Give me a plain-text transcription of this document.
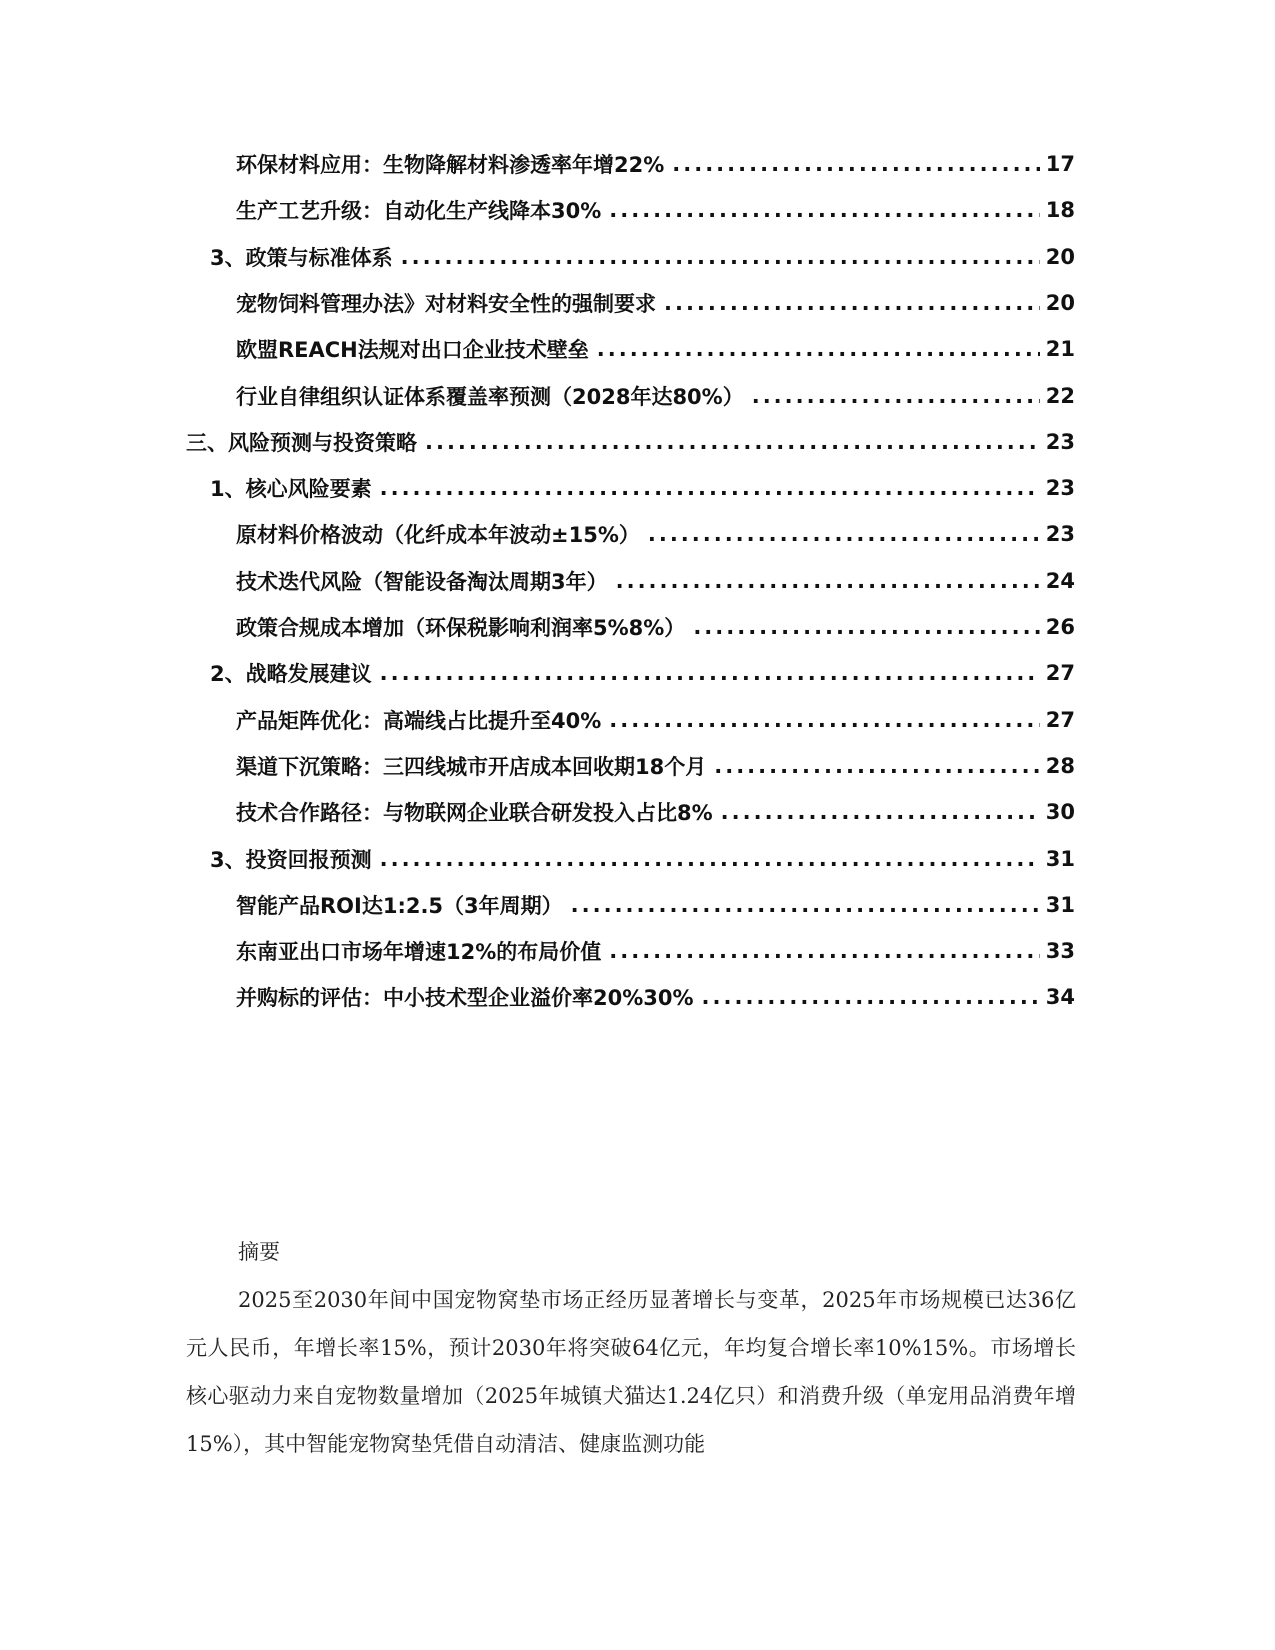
环保材料应用：生物降解材料渗透率年增22% .....	17
生产工艺升级：自动化生产线降本30% .....	18
3、政策与标准体系 .....	20
宠物饲料管理办法》对材料安全性的强制要求 .....	20
欧盟REACH法规对出口企业技术壁垒 .....	21
行业自律组织认证体系覆盖率预测（2028年达80%） .....	22
三、风险预测与投资策略 .....	23
1、核心风险要素 .....	23
原材料价格波动（化纤成本年波动±15%） .....	23
技术迭代风险（智能设备淘汰周期3年） .....	24
政策合规成本增加（环保税影响利润率5%8%） .....	26
2、战略发展建议 .....	27
产品矩阵优化：高端线占比提升至40% .....	27
渠道下沉策略：三四线城市开店成本回收期18个月 .....	28
技术合作路径：与物联网企业联合研发投入占比8% .....	30
3、投资回报预测 .....	31
智能产品ROI达1:2.5（3年周期） .....	31
东南亚出口市场年增速12%的布局价值 .....	33
并购标的评估：中小技术型企业溢价率20%30% .....	34
摘要
2025至2030年间中国宠物窝垫市场正经历显著增长与变革，2025年市场规模已达36亿元人民币，年增长率15%，预计2030年将突破64亿元，年均复合增长率10%15%。市场增长核心驱动力来自宠物数量增加（2025年城镇犬猫达1.24亿只）和消费升级（单宠用品消费年增15%），其中智能宠物窝垫凭借自动清洁、健康监测功能
